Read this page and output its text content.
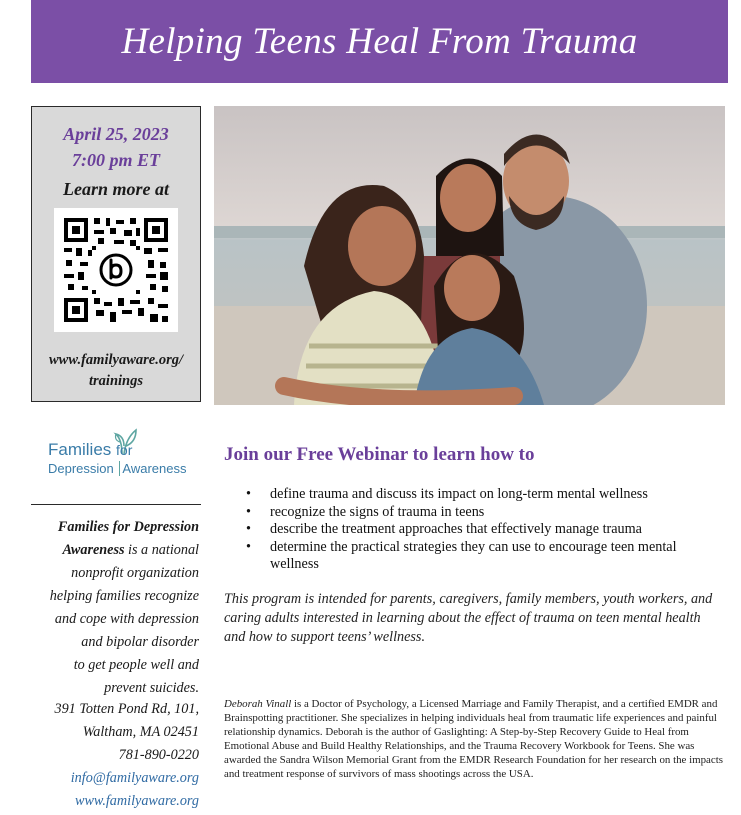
Helping Teens Heal From Trauma
April 25, 2023
7:00 pm ET
Learn more at
www.familyaware.org/
trainings
Families for
Depression Awareness
Families for Depression
Awareness is a national
nonprofit organization
helping families recognize
and cope with depression
and bipolar disorder
to get people well and
prevent suicides.
391 Totten Pond Rd, 101,
Waltham, MA 02451
781-890-0220
info@familyaware.org
www.familyaware.org
Join our Free Webinar to learn how to
• define trauma and discuss its impact on long-term mental wellness
• recognize the signs of trauma in teens
• describe the treatment approaches that effectively manage trauma
• determine the practical strategies they can use to encourage teen mental wellness
This program is intended for parents, caregivers, family members, youth workers, and caring adults interested in learning about the effect of trauma on teen mental health and how to support teens’ wellness.
Deborah Vinall is a Doctor of Psychology, a Licensed Marriage and Family Therapist, and a certified EMDR and Brainspotting practitioner. She specializes in helping individuals heal from traumatic life experiences and painful relationship dynamics. Deborah is the author of Gaslighting: A Step-by-Step Recovery Guide to Heal from Emotional Abuse and Build Healthy Relationships, and the Trauma Recovery Workbook for Teens. She was awarded the Sandra Wilson Memorial Grant from the EMDR Research Foundation for her research on the impacts and treatment response of survivors of mass shootings across the USA.
